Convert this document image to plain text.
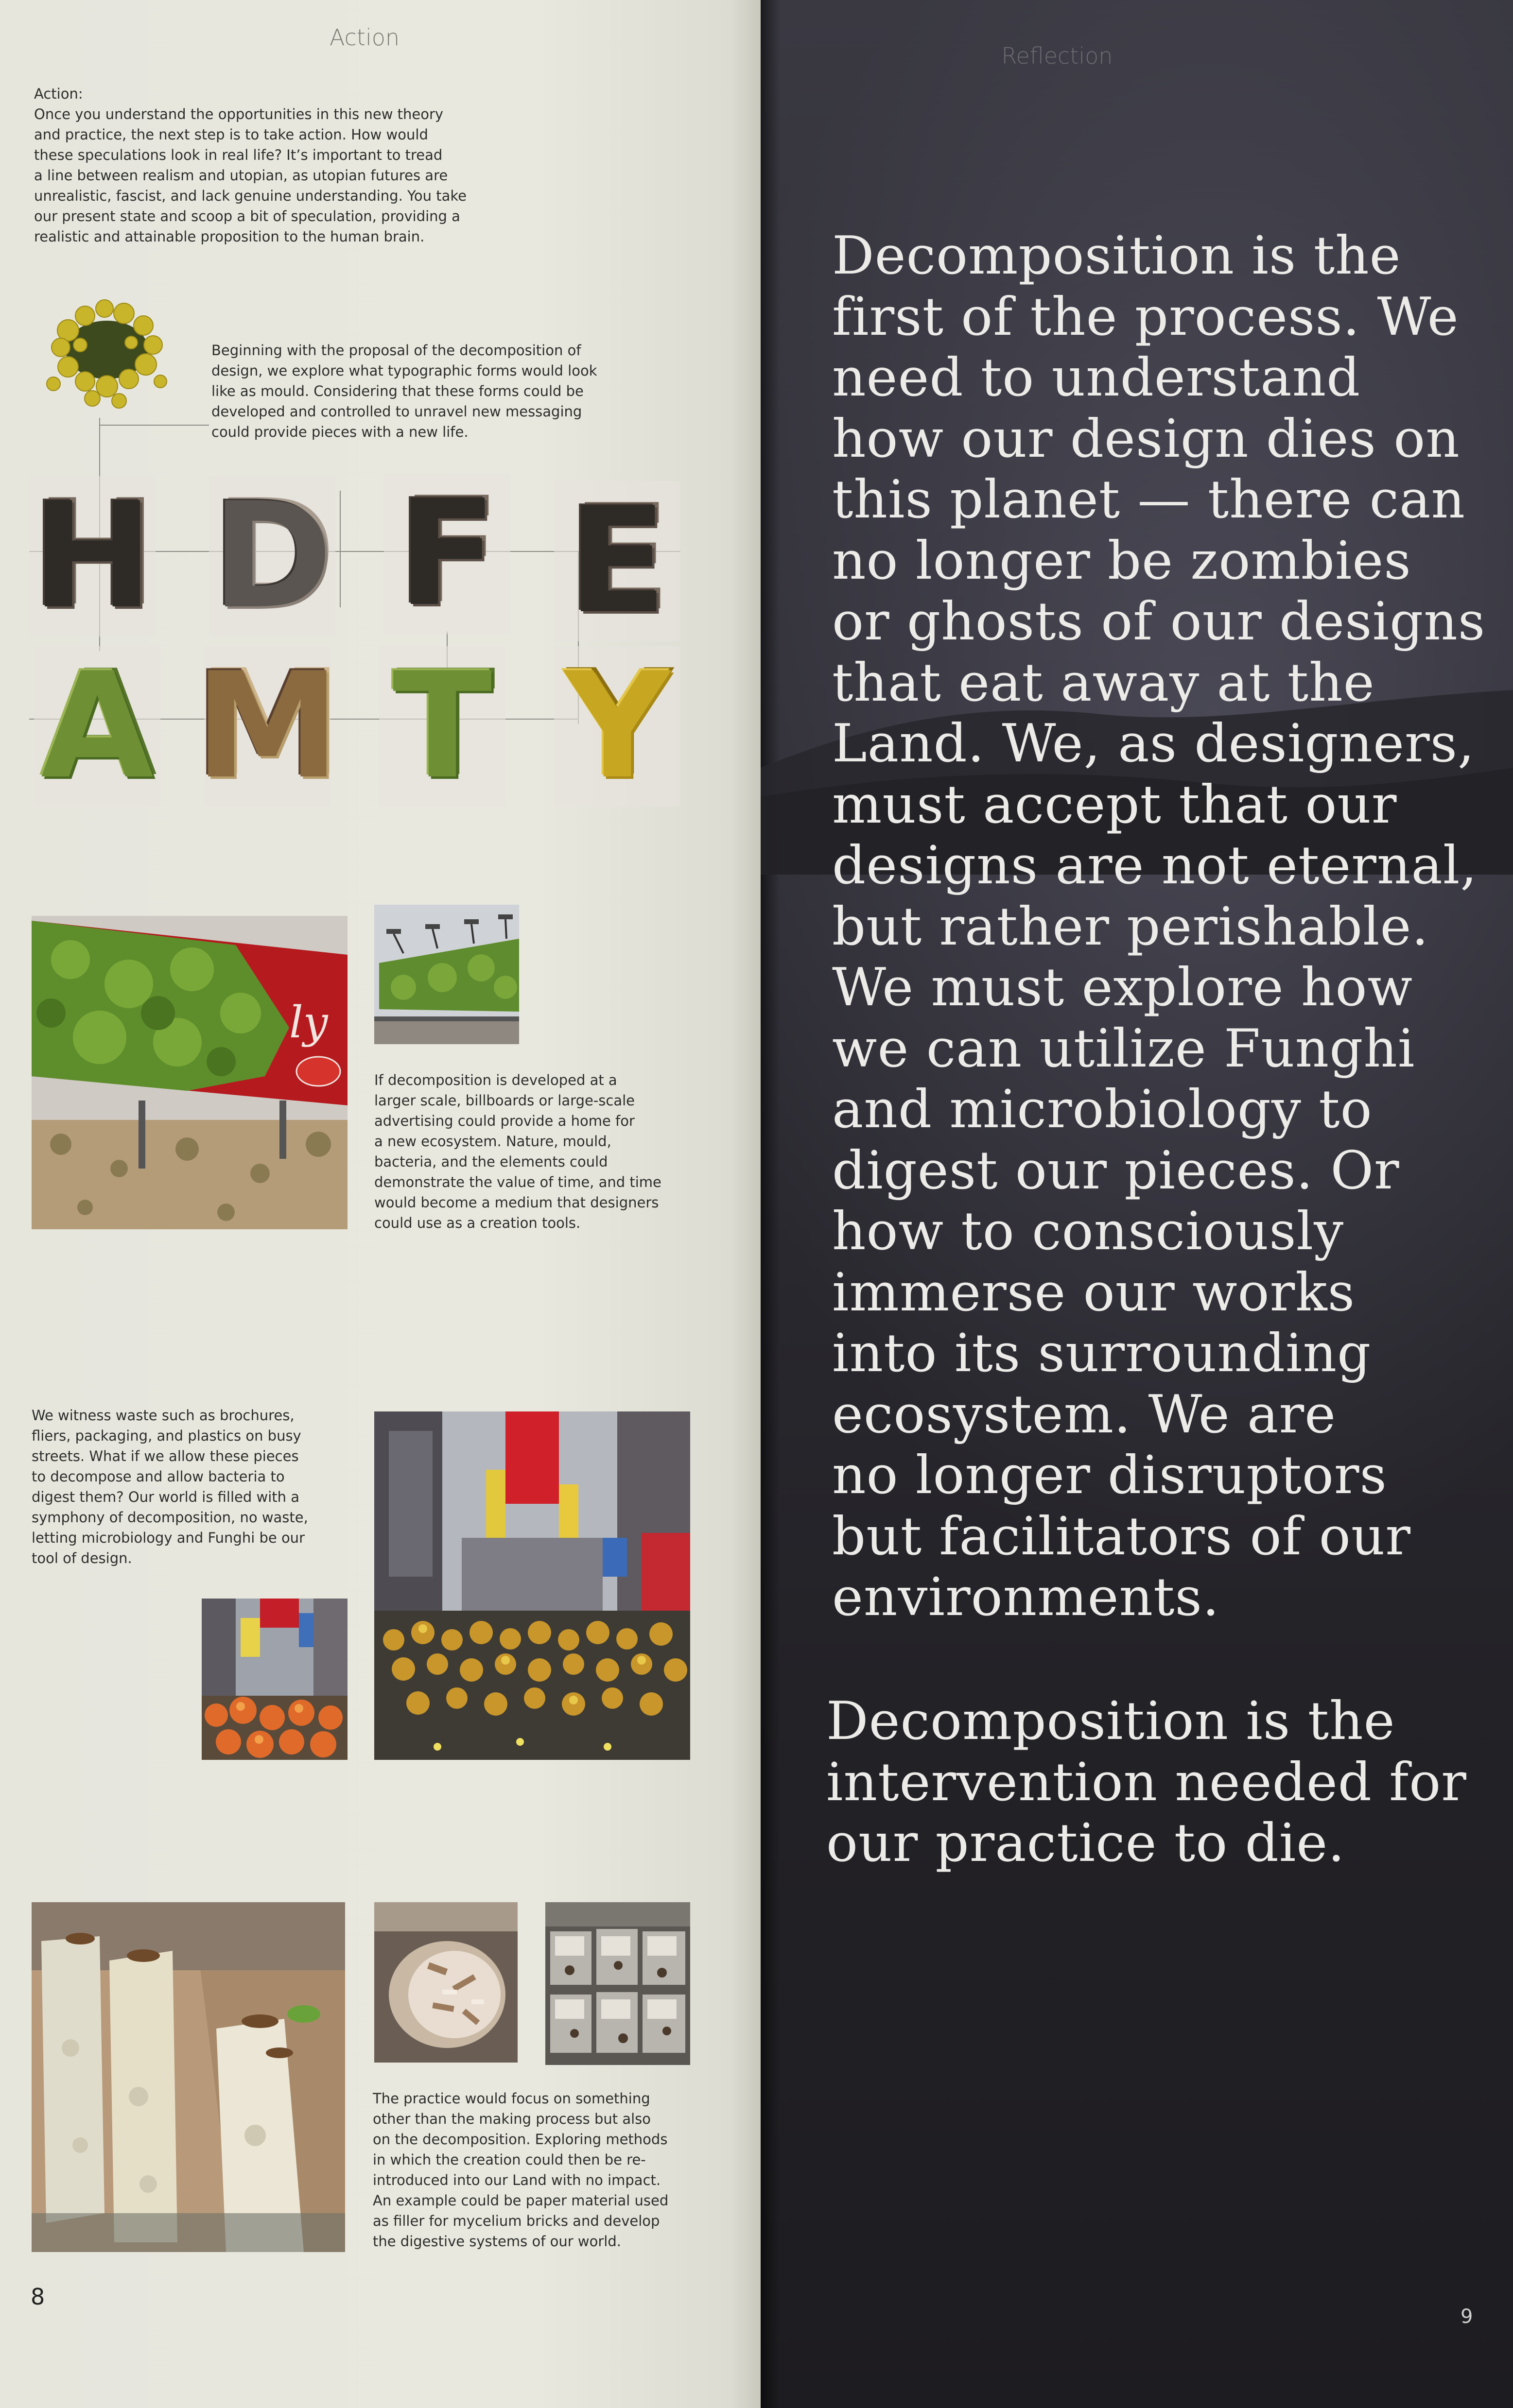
Action

Action:

Once you understand the opportunities in this new theory
and practice, the next step is to take action. How would
these speculations look in real life? It’s important to tread
a line between realism and utopian, as utopian futures are
unrealistic, fascist, and lack genuine understanding. You take
our present state and scoop a bit of speculation, providing a
realistic and attainable proposition to the human brain.
Beginning with the proposal of the decomposition of
design, we explore what typographic forms would look
like as mould. Considering that these forms could be
developed and controlled to unravel new messaging
could provide pieces with a new life.
H D F E
A M T Y
ly
If decomposition is developed at a
larger scale, billboards or large-scale
advertising could provide a home for
a new ecosystem. Nature, mould,
bacteria, and the elements could
demonstrate the value of time, and time
would become a medium that designers
could use as a creation tools.
We witness waste such as brochures,
fliers, packaging, and plastics on busy
streets. What if we allow these pieces
to decompose and allow bacteria to
digest them? Our world is filled with a
symphony of decomposition, no waste,
letting microbiology and Funghi be our
tool of design.
The practice would focus on something
other than the making process but also
on the decomposition. Exploring methods
in which the creation could then be re-
introduced into our Land with no impact.
An example could be paper material used
as filler for mycelium bricks and develop
the digestive systems of our world.
8
Reflection
Decomposition is the
first of the process. We
need to understand
how our design dies on
this planet — there can
no longer be zombies
or ghosts of our designs
that eat away at the
Land. We, as designers,
must accept that our
designs are not eternal,
but rather perishable.
We must explore how
we can utilize Funghi
and microbiology to
digest our pieces. Or
how to consciously
immerse our works
into its surrounding
ecosystem. We are
no longer disruptors
but facilitators of our
environments.
Decomposition is the
intervention needed for
our practice to die.
9
